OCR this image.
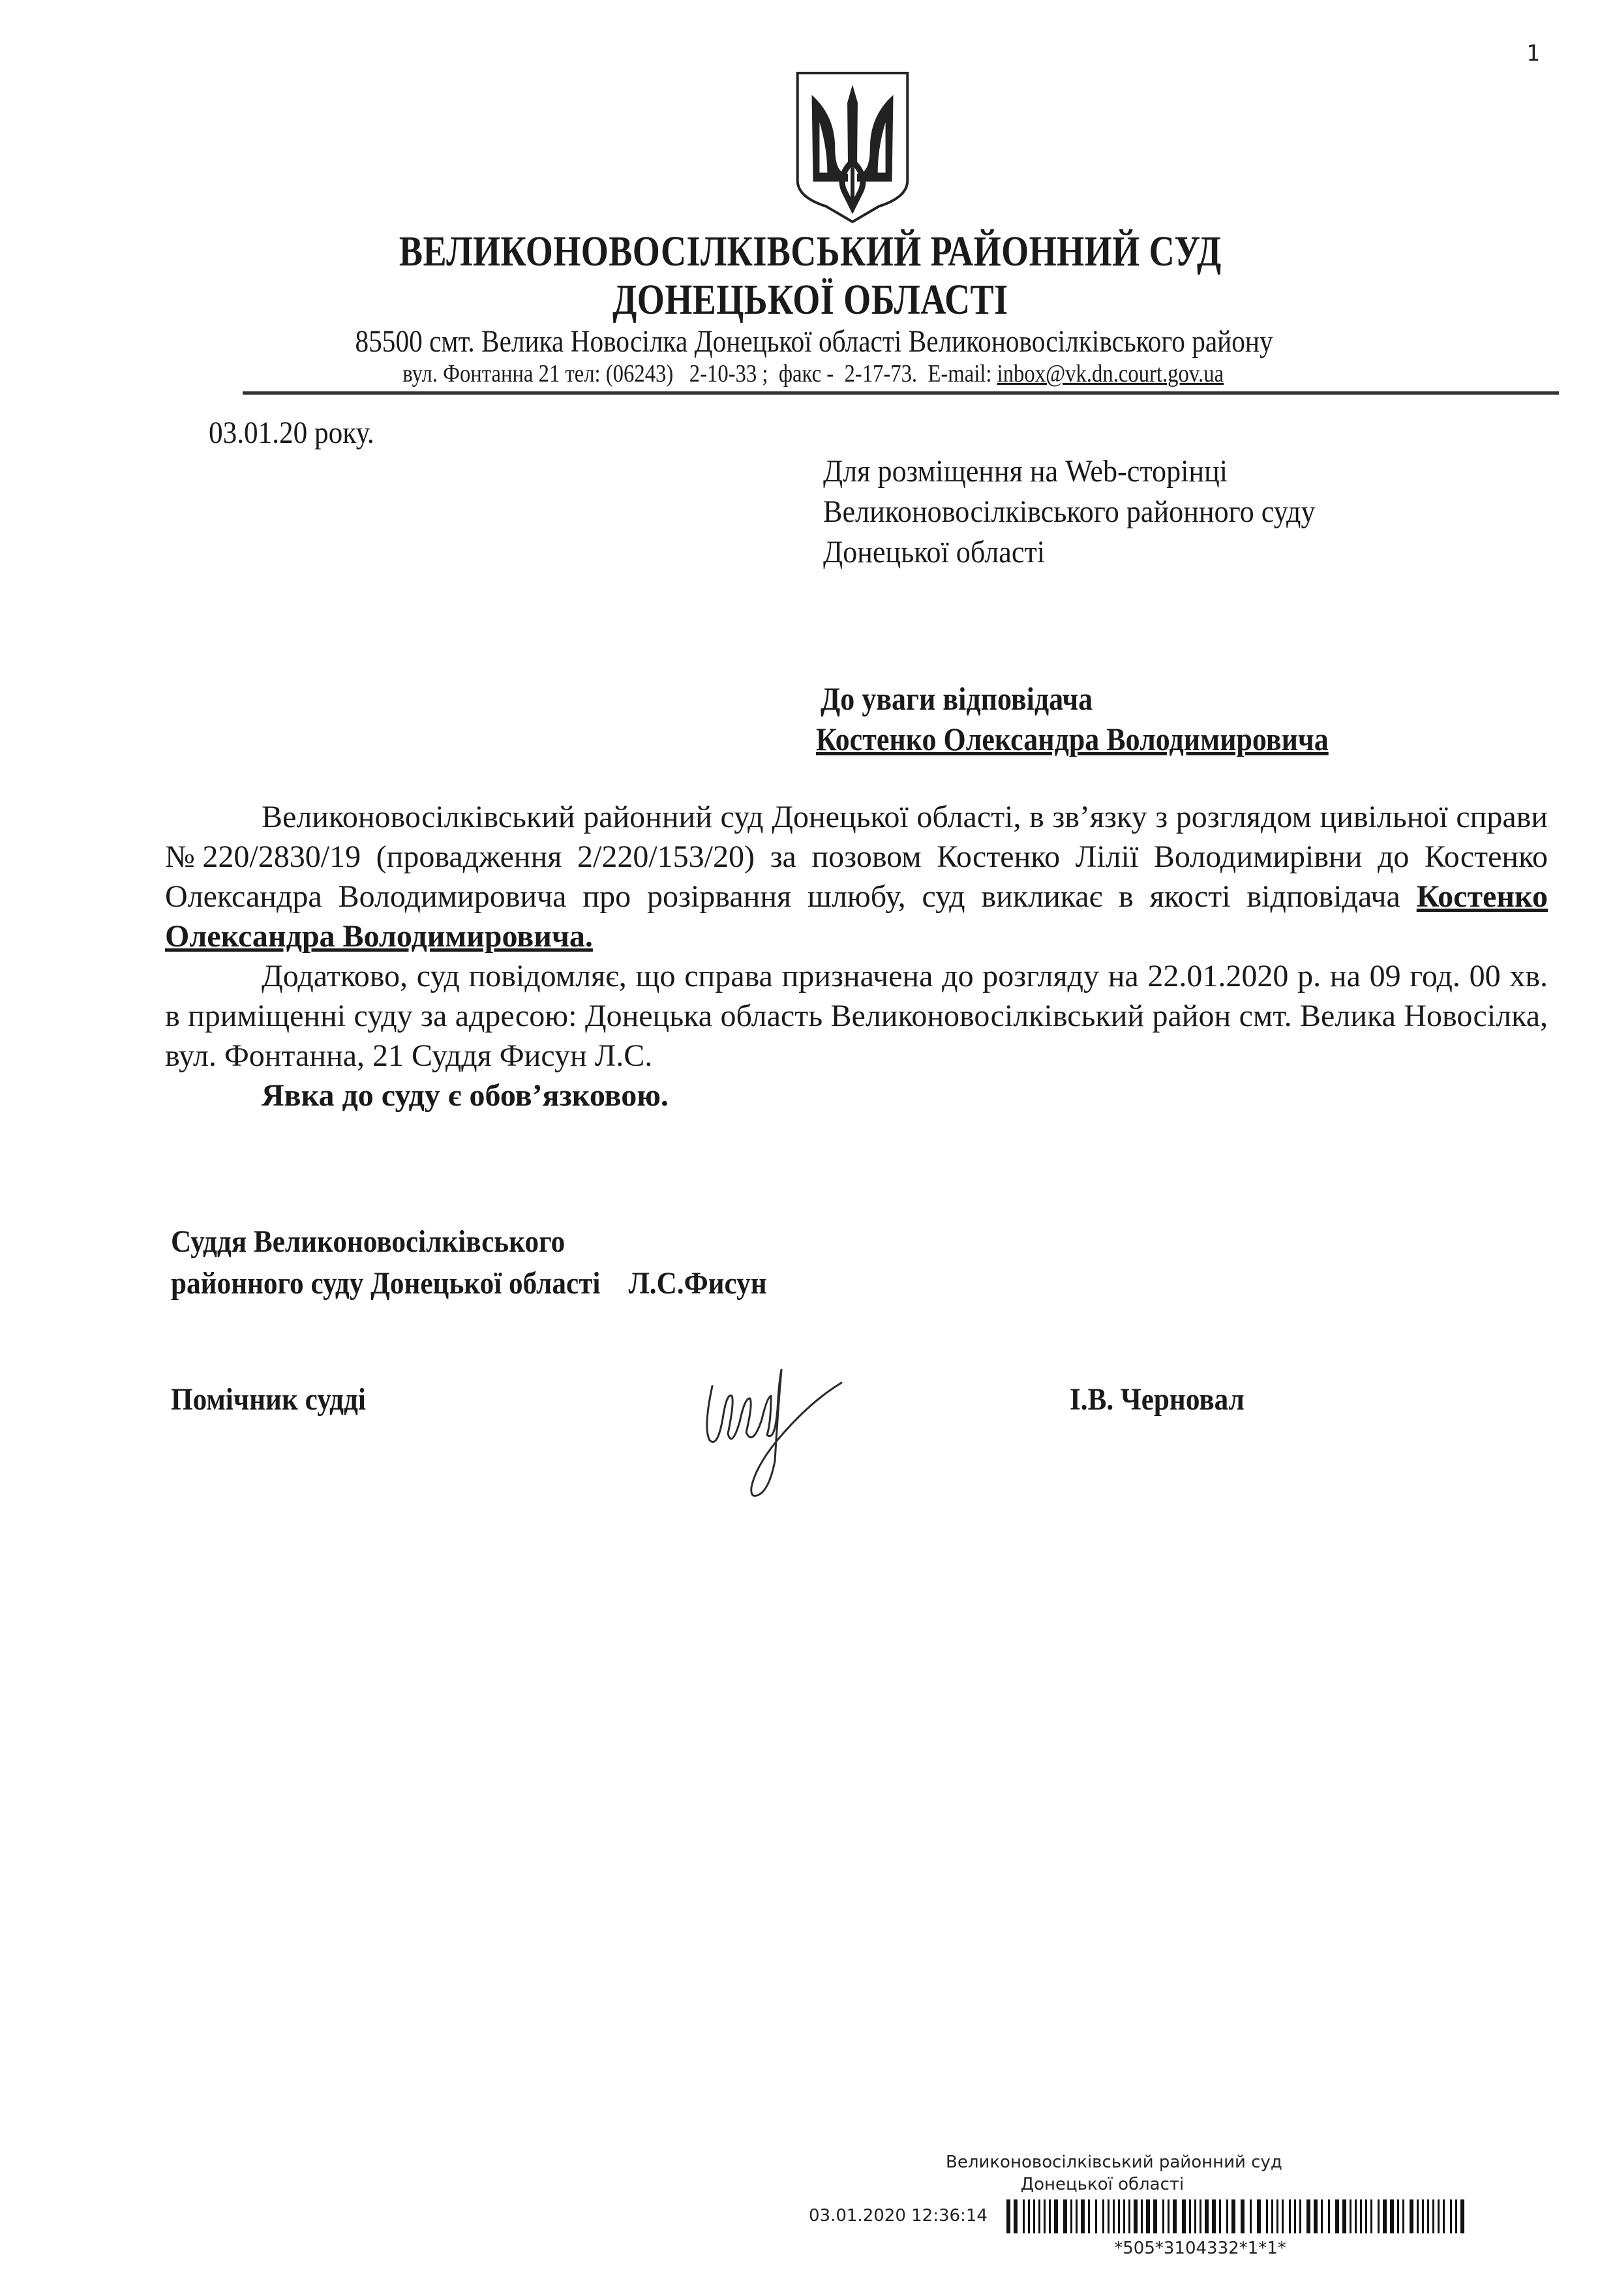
1
ВЕЛИКОНОВОСІЛКІВСЬКИЙ РАЙОННИЙ СУД
ДОНЕЦЬКОЇ ОБЛАСТІ
85500 смт. Велика Новосілка Донецької області Великоновосілківського району
вул. Фонтанна 21 тел: (06243)   2-10-33 ;  факс -  2-17-73.  E-mail: inbox@vk.dn.court.gov.ua
03.01.20 року.
Для розміщення на Web-сторінці
Великоновосілківського районного суду
Донецької області
До уваги відповідача
Костенко Олександра Володимировича

Великоновосілківський районний суд Донецької області, в зв’язку з розглядом цивільної справи №220/2830/19 (провадження 2/220/153/20) за позовом Костенко Лілії Володимирівни до Костенко Олександра Володимировича про розірвання шлюбу, суд викликає в якості відповідача Костенко Олександра Володимировича.

Додатково, суд повідомляє, що справа призначена до розгляду на 22.01.2020 р. на 09 год. 00 хв. в приміщенні суду за адресою: Донецька область Великоновосілківський район смт. Велика Новосілка, вул. Фонтанна, 21 Суддя Фисун Л.С.

Явка до суду є обов’язковою.

Суддя Великоновосілківського
районного суду Донецької області    Л.С.Фисун
Помічник судді	І.В. Черновал
Великоновосілківський районний суд
Донецької області
03.01.2020 12:36:14
*505*3104332*1*1*
